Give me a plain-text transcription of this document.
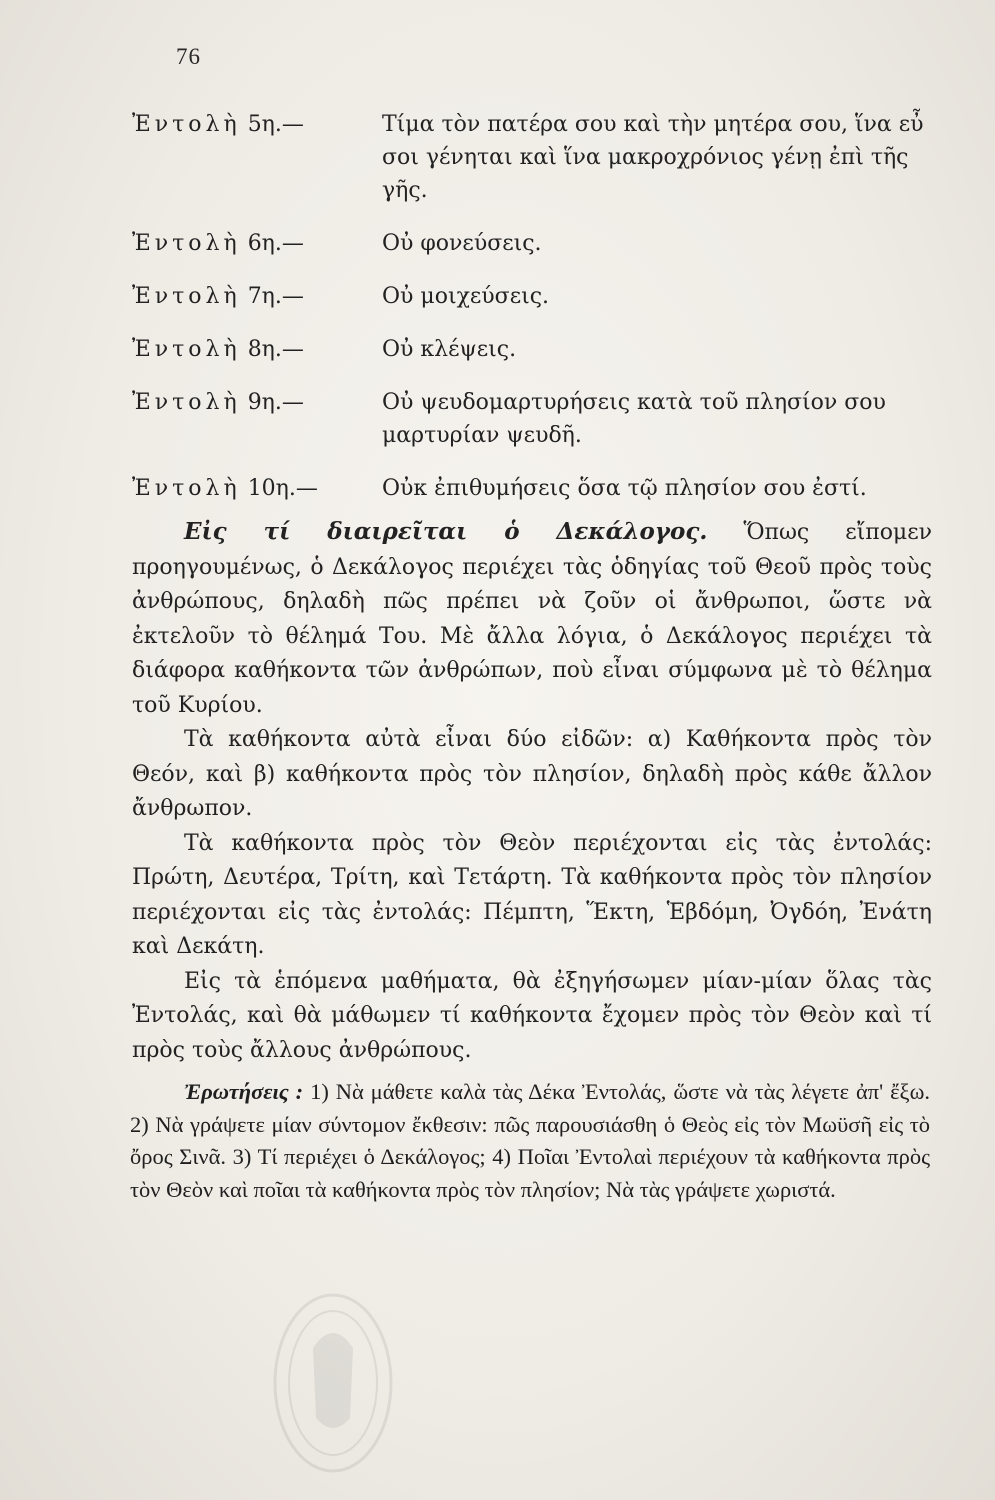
76
Ἐντολὴ 5η.—	Τίμα τὸν πατέρα σου καὶ τὴν μητέρα σου, ἵνα εὖ σοι γένηται καὶ ἵνα μακροχρόνιος γένῃ ἐπὶ τῆς γῆς.
Ἐντολὴ 6η.—	Οὐ φονεύσεις.
Ἐντολὴ 7η.—	Οὐ μοιχεύσεις.
Ἐντολὴ 8η.—	Οὐ κλέψεις.
Ἐντολὴ 9η.—	Οὐ ψευδομαρτυρήσεις κατὰ τοῦ πλησίον σου μαρτυρίαν ψευδῆ.
Ἐντολὴ 10η.—	Οὐκ ἐπιθυμήσεις ὅσα τῷ πλησίον σου ἐστί.

Εἰς τί διαιρεῖται ὁ Δεκάλογος. Ὅπως εἴπομεν προηγουμένως, ὁ Δεκάλογος περιέχει τὰς ὁδηγίας τοῦ Θεοῦ πρὸς τοὺς ἀνθρώπους, δηλαδὴ πῶς πρέπει νὰ ζοῦν οἱ ἄνθρωποι, ὥστε νὰ ἐκτελοῦν τὸ θέλημά Του. Μὲ ἄλλα λόγια, ὁ Δεκάλογος περιέχει τὰ διάφορα καθήκοντα τῶν ἀνθρώπων, ποὺ εἶναι σύμφωνα μὲ τὸ θέλημα τοῦ Κυρίου.

Τὰ καθήκοντα αὐτὰ εἶναι δύο εἰδῶν: α) Καθήκοντα πρὸς τὸν Θεόν, καὶ β) καθήκοντα πρὸς τὸν πλησίον, δηλαδὴ πρὸς κάθε ἄλλον ἄνθρωπον.

Τὰ καθήκοντα πρὸς τὸν Θεὸν περιέχονται εἰς τὰς ἐντολάς: Πρώτη, Δευτέρα, Τρίτη, καὶ Τετάρτη. Τὰ καθήκοντα πρὸς τὸν πλησίον περιέχονται εἰς τὰς ἐντολάς: Πέμπτη, Ἕκτη, Ἑβδόμη, Ὀγδόη, Ἐνάτη καὶ Δεκάτη.

Εἰς τὰ ἑπόμενα μαθήματα, θὰ ἐξηγήσωμεν μίαν-μίαν ὅλας τὰς Ἐντολάς, καὶ θὰ μάθωμεν τί καθήκοντα ἔχομεν πρὸς τὸν Θεὸν καὶ τί πρὸς τοὺς ἄλλους ἀνθρώπους.

Ἐρωτήσεις : 1) Νὰ μάθετε καλὰ τὰς Δέκα Ἐντολάς, ὥστε νὰ τὰς λέγετε ἀπ' ἔξω. 2) Νὰ γράψετε μίαν σύντομον ἔκθεσιν: πῶς παρουσιάσθη ὁ Θεὸς εἰς τὸν Μωϋσῆ εἰς τὸ ὄρος Σινᾶ. 3) Τί περιέχει ὁ Δεκάλογος; 4) Ποῖαι Ἐντολαὶ περιέχουν τὰ καθήκοντα πρὸς τὸν Θεὸν καὶ ποῖαι τὰ καθήκοντα πρὸς τὸν πλησίον; Νὰ τὰς γράψετε χωριστά.
